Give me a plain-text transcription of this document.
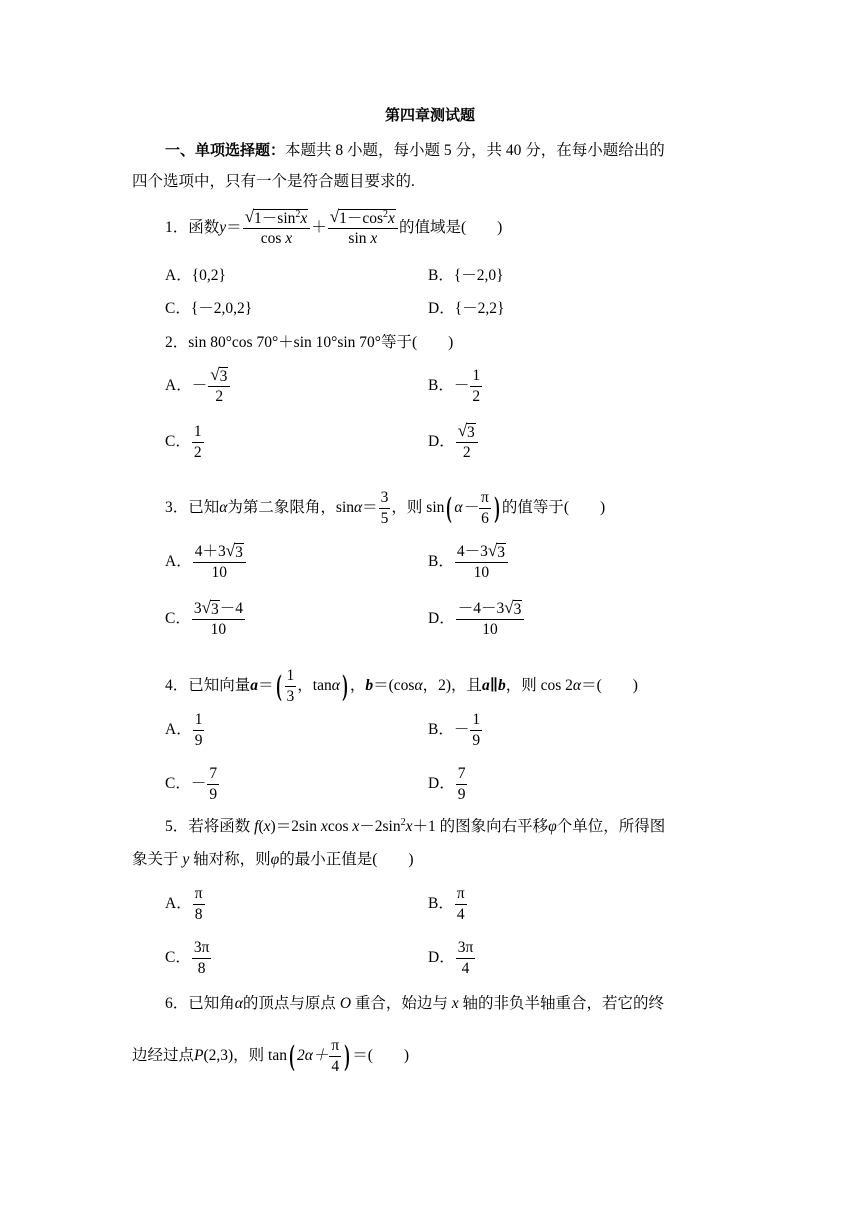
第四章测试题
一、单项选择题：本题共 8 小题，每小题 5 分，共 40 分，在每小题给出的
四个选项中，只有一个是符合题目要求的.
1． 函数 $y = \frac{√ 1-\sin^2x}{\text{cos x}} + \frac{√ 1-\cos^2x}{\text{sin x}}$ 的值域是(　　)
A．{0,2}	B．{－2,0}
C．{－2,0,2}	D．{－2,2}
2．sin 80°cos 70°＋sin 10°sin 70°等于(　　)
A． － $\frac{√ 3}{2}$	B． － $\frac{1}{2}$
C． $\frac{1}{2}$	D． $\frac{√ 3}{2}$
3． 已知 α 为第二象限角，$\sin \alpha = \frac{3}{5}$ ，则 sin ( $\alpha- \frac{\pi}{6}$ ) 的值等于(　　)
A． $\frac{4+3 √ 3}{10}$	B． $\frac{4-3 √ 3}{10}$
C． $\frac{3 √ 3 -4}{10}$	D． $\frac{-4-3 √ 3}{10}$
4． 已知向量 a ＝ ( $\frac{1}{3}$ ，tan α ) ， b ＝(cos α ，2)，且 a ∥ b ，则 cos 2 α ＝(　　)
A． $\frac{1}{9}$	B． － $\frac{1}{9}$
C． － $\frac{7}{9}$	D． $\frac{7}{9}$
5．若将函数 f(x)＝2sin xcos $x-2\sin^2x+1$ 的图象向右平移φ个单位，所得图
象关于 y 轴对称，则φ的最小正值是(　　)
A． $\frac{\pi}{8}$	B． $\frac{\pi}{4}$
C． $\frac{3\pi}{8}$	D． $\frac{3\pi}{4}$
6．已知角α的顶点与原点 O 重合，始边与 x 轴的非负半轴重合，若它的终
边经过点 P (2,3)，则 tan ( $2\alpha+ \frac{\pi}{4}$ ) ＝(　　)
